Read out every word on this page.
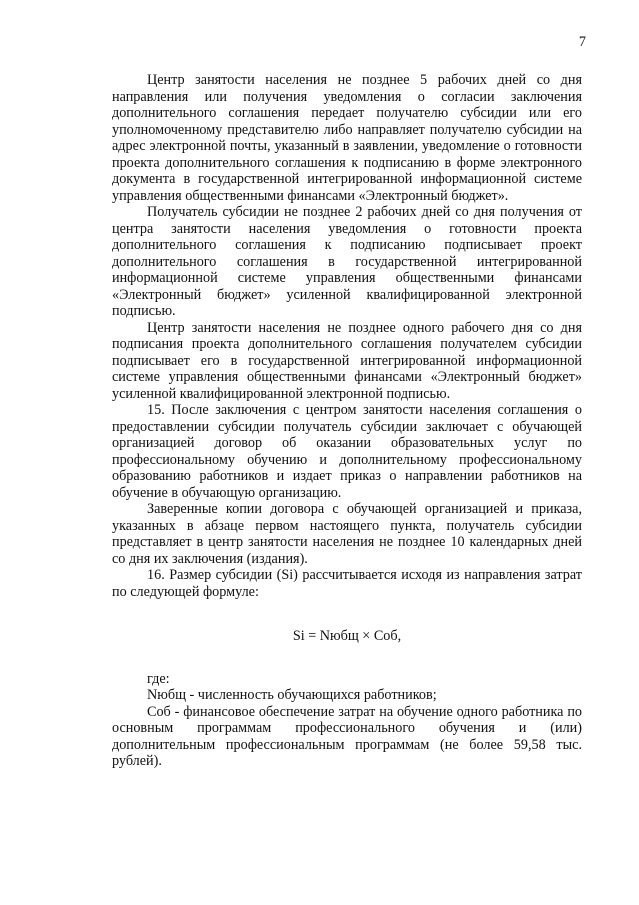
7

Центр занятости населения не позднее 5 рабочих дней со дня направления или получения уведомления о согласии заключения дополнительного соглашения передает получателю субсидии или его уполномоченному представителю либо направляет получателю субсидии на адрес электронной почты, указанный в заявлении, уведомление о готовности проекта дополнительного соглашения к подписанию в форме электронного документа в государственной интегрированной информационной системе управления общественными финансами «Электронный бюджет».

Получатель субсидии не позднее 2 рабочих дней со дня получения от центра занятости населения уведомления о готовности проекта дополнительного соглашения к подписанию подписывает проект дополнительного соглашения в государственной интегрированной информационной системе управления общественными финансами «Электронный бюджет» усиленной квалифицированной электронной подписью.

Центр занятости населения не позднее одного рабочего дня со дня подписания проекта дополнительного соглашения получателем субсидии подписывает его в государственной интегрированной информационной системе управления общественными финансами «Электронный бюджет» усиленной квалифицированной электронной подписью.

15. После заключения с центром занятости населения соглашения о предоставлении субсидии получатель субсидии заключает с обучающей организацией договор об оказании образовательных услуг по профессиональному обучению и дополнительному профессиональному образованию работников и издает приказ о направлении работников на обучение в обучающую организацию.

Заверенные копии договора с обучающей организацией и приказа, указанных в абзаце первом настоящего пункта, получатель субсидии представляет в центр занятости населения не позднее 10 календарных дней со дня их заключения (издания).

16. Размер субсидии (Si) рассчитывается исходя из направления затрат по следующей формуле:

Si = Nюбщ × Cоб,

где:

Nюбщ - численность обучающихся работников;

Cоб - финансовое обеспечение затрат на обучение одного работника по основным программам профессионального обучения и (или) дополнительным профессиональным программам (не более 59,58 тыс. рублей).
